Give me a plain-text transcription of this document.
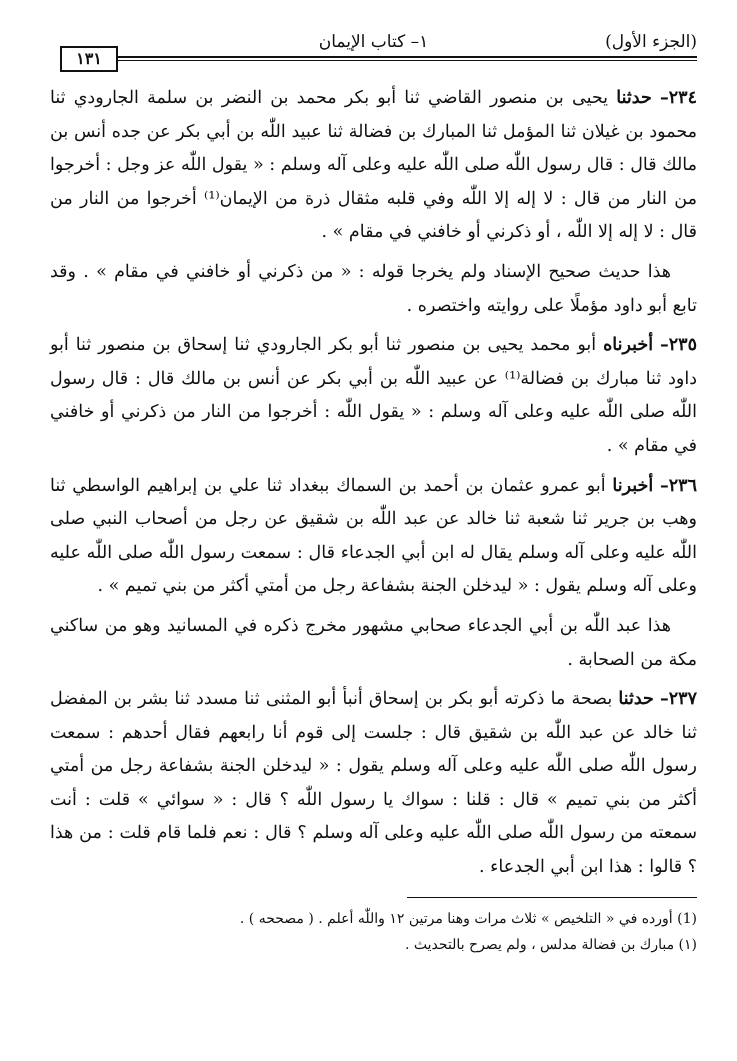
(الجزء الأول)
١– كتاب الإيمان
١٣١

٢٣٤– حدثنا يحيى بن منصور القاضي ثنا أبو بكر محمد بن النضر بن سلمة الجارودي ثنا محمود بن غيلان ثنا المؤمل ثنا المبارك بن فضالة ثنا عبيد اللّٰه بن أبي بكر عن جده أنس بن مالك قال : قال رسول اللّٰه صلى اللّٰه عليه وعلى آله وسلم : « يقول اللّٰه عز وجل : أخرجوا من النار من قال : لا إله إلا اللّٰه وفي قلبه مثقال ذرة من الإيمان⁽¹⁾ أخرجوا من النار من قال : لا إله إلا اللّٰه ، أو ذكرني أو خافني في مقام » .

هذا حديث صحيح الإسناد ولم يخرجا قوله : « من ذكرني أو خافني في مقام » . وقد تابع أبو داود مؤملًا على روايته واختصره .

٢٣٥– أخبرناه أبو محمد يحيى بن منصور ثنا أبو بكر الجارودي ثنا إسحاق بن منصور ثنا أبو داود ثنا مبارك بن فضالة⁽¹⁾ عن عبيد اللّٰه بن أبي بكر عن أنس بن مالك قال : قال رسول اللّٰه صلى اللّٰه عليه وعلى آله وسلم : « يقول اللّٰه : أخرجوا من النار من ذكرني أو خافني في مقام » .

٢٣٦– أخبرنا أبو عمرو عثمان بن أحمد بن السماك ببغداد ثنا علي بن إبراهيم الواسطي ثنا وهب بن جرير ثنا شعبة ثنا خالد عن عبد اللّٰه بن شقيق عن رجل من أصحاب النبي صلى اللّٰه عليه وعلى آله وسلم يقال له ابن أبي الجدعاء قال : سمعت رسول اللّٰه صلى اللّٰه عليه وعلى آله وسلم يقول : « ليدخلن الجنة بشفاعة رجل من أمتي أكثر من بني تميم » .

هذا عبد اللّٰه بن أبي الجدعاء صحابي مشهور مخرج ذكره في المسانيد وهو من ساكني مكة من الصحابة .

٢٣٧– حدثنا بصحة ما ذكرته أبو بكر بن إسحاق أنبأ أبو المثنى ثنا مسدد ثنا بشر بن المفضل ثنا خالد عن عبد اللّٰه بن شقيق قال : جلست إلى قوم أنا رابعهم فقال أحدهم : سمعت رسول اللّٰه صلى اللّٰه عليه وعلى آله وسلم يقول : « ليدخلن الجنة بشفاعة رجل من أمتي أكثر من بني تميم » قال : قلنا : سواك يا رسول اللّٰه ؟ قال : « سوائي » قلت : أنت سمعته من رسول اللّٰه صلى اللّٰه عليه وعلى آله وسلم ؟ قال : نعم فلما قام قلت : من هذا ؟ قالوا : هذا ابن أبي الجدعاء .

(1) أورده في « التلخيص » ثلاث مرات وهنا مرتين ١٢ واللّٰه أعلم . ( مصححه ) .
(١) مبارك بن فضالة مدلس ، ولم يصرح بالتحديث .
